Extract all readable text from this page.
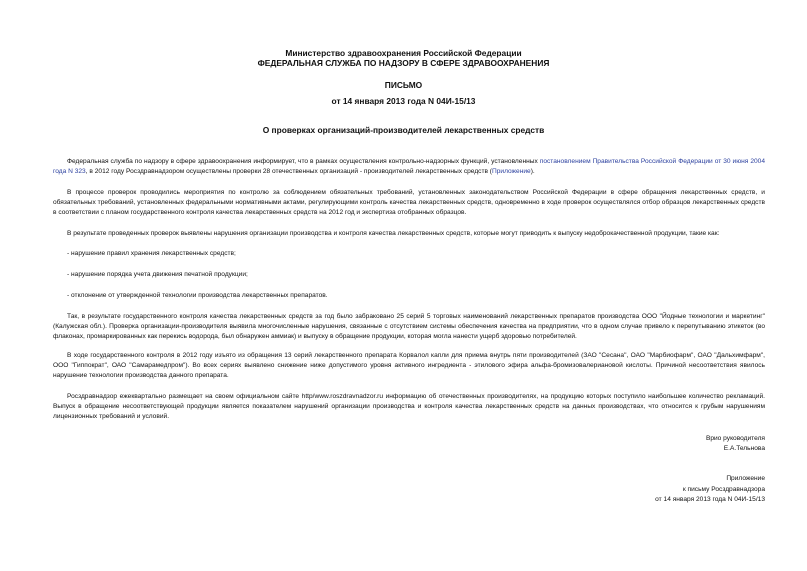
Министерство здравоохранения Российской Федерации
ФЕДЕРАЛЬНАЯ СЛУЖБА ПО НАДЗОРУ В СФЕРЕ ЗДРАВООХРАНЕНИЯ
ПИСЬМО
от 14 января 2013 года N 04И-15/13
О проверках организаций-производителей лекарственных средств
Федеральная служба по надзору в сфере здравоохранения информирует, что в рамках осуществления контрольно-надзорных функций, установленных постановлением Правительства Российской Федерации от 30 июня 2004 года N 323, в 2012 году Росздравнадзором осуществлены проверки 28 отечественных организаций - производителей лекарственных средств (Приложение).
В процессе проверок проводились мероприятия по контролю за соблюдением обязательных требований, установленных законодательством Российской Федерации в сфере обращения лекарственных средств, и обязательных требований, установленных федеральными нормативными актами, регулирующими контроль качества лекарственных средств, одновременно в ходе проверок осуществлялся отбор образцов лекарственных средств в соответствии с планом государственного контроля качества лекарственных средств на 2012 год и экспертиза отобранных образцов.
В результате проведенных проверок выявлены нарушения организации производства и контроля качества лекарственных средств, которые могут приводить к выпуску недоброкачественной продукции, такие как:
- нарушение правил хранения лекарственных средств;
- нарушение порядка учета движения печатной продукции;
- отклонение от утвержденной технологии производства лекарственных препаратов.
Так, в результате государственного контроля качества лекарственных средств за год было забраковано 25 серий 5 торговых наименований лекарственных препаратов производства ООО "Йодные технологии и маркетинг" (Калужская обл.). Проверка организации-производителя выявила многочисленные нарушения, связанные с отсутствием системы обеспечения качества на предприятии, что в одном случае привело к перепутыванию этикеток (во флаконах, промаркированных как перекись водорода, был обнаружен аммиак) и выпуску в обращение продукции, которая могла нанести ущерб здоровью потребителей.
В ходе государственного контроля в 2012 году изъято из обращения 13 серий лекарственного препарата Корвалол капли для приема внутрь пяти производителей (ЗАО "Сесана", ОАО "Марбиофарм", ОАО "Дальхимфарм", ООО "Гиппократ", ОАО "Самарамедпром"). Во всех сериях выявлено снижение ниже допустимого уровня активного ингредиента - этилового эфира альфа-бромизовалериановой кислоты. Причиной несоответствия явилось нарушение технологии производства данного препарата.
Росздравнадзор ежеквартально размещает на своем официальном сайте http/www.roszdravnadzor.ru информацию об отечественных производителях, на продукцию которых поступило наибольшее количество рекламаций. Выпуск в обращение несоответствующей продукции является показателем нарушений организации производства и контроля качества лекарственных средств на данных производствах, что относится к грубым нарушениям лицензионных требований и условий.
Врио руководителя
Е.А.Тельнова
Приложение
к письму Росздравнадзора
от 14 января 2013 года N 04И-15/13
